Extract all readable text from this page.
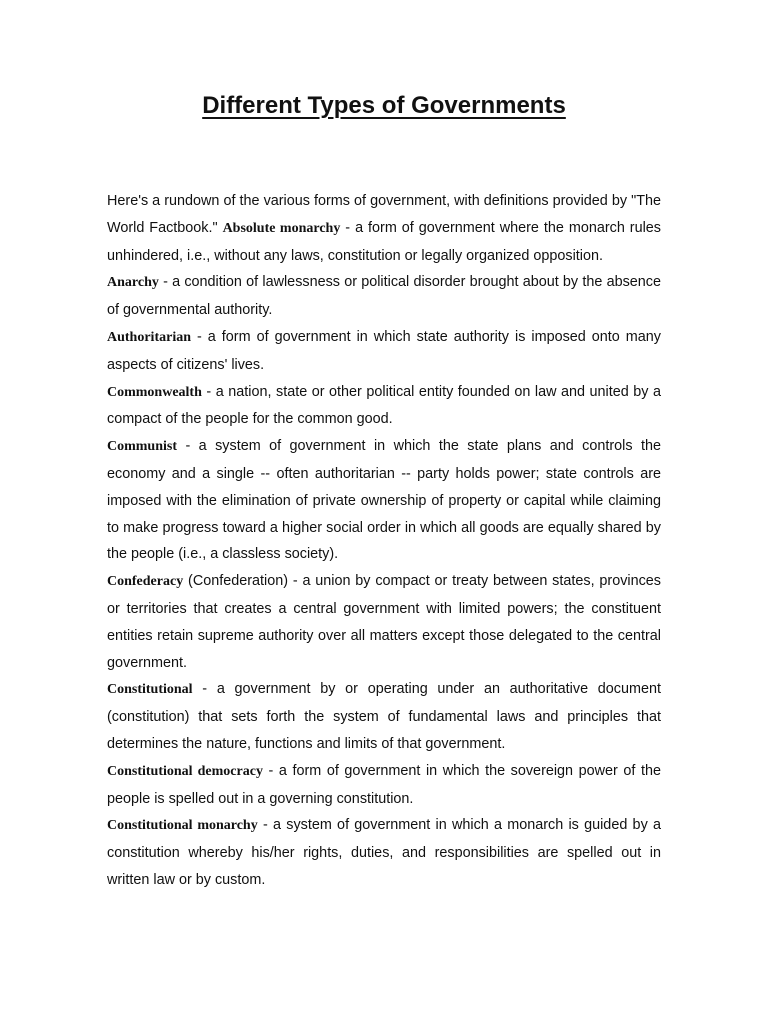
Different Types of Governments

Here's a rundown of the various forms of government, with definitions provided by "The World Factbook." Absolute monarchy - a form of government where the monarch rules unhindered, i.e., without any laws, constitution or legally organized opposition.

Anarchy - a condition of lawlessness or political disorder brought about by the absence of governmental authority.

Authoritarian - a form of government in which state authority is imposed onto many aspects of citizens' lives.

Commonwealth - a nation, state or other political entity founded on law and united by a compact of the people for the common good.

Communist - a system of government in which the state plans and controls the economy and a single -- often authoritarian -- party holds power; state controls are imposed with the elimination of private ownership of property or capital while claiming to make progress toward a higher social order in which all goods are equally shared by the people (i.e., a classless society).

Confederacy (Confederation) - a union by compact or treaty between states, provinces or territories that creates a central government with limited powers; the constituent entities retain supreme authority over all matters except those delegated to the central government.

Constitutional - a government by or operating under an authoritative document (constitution) that sets forth the system of fundamental laws and principles that determines the nature, functions and limits of that government.

Constitutional democracy - a form of government in which the sovereign power of the people is spelled out in a governing constitution.

Constitutional monarchy - a system of government in which a monarch is guided by a constitution whereby his/her rights, duties, and responsibilities are spelled out in written law or by custom.
